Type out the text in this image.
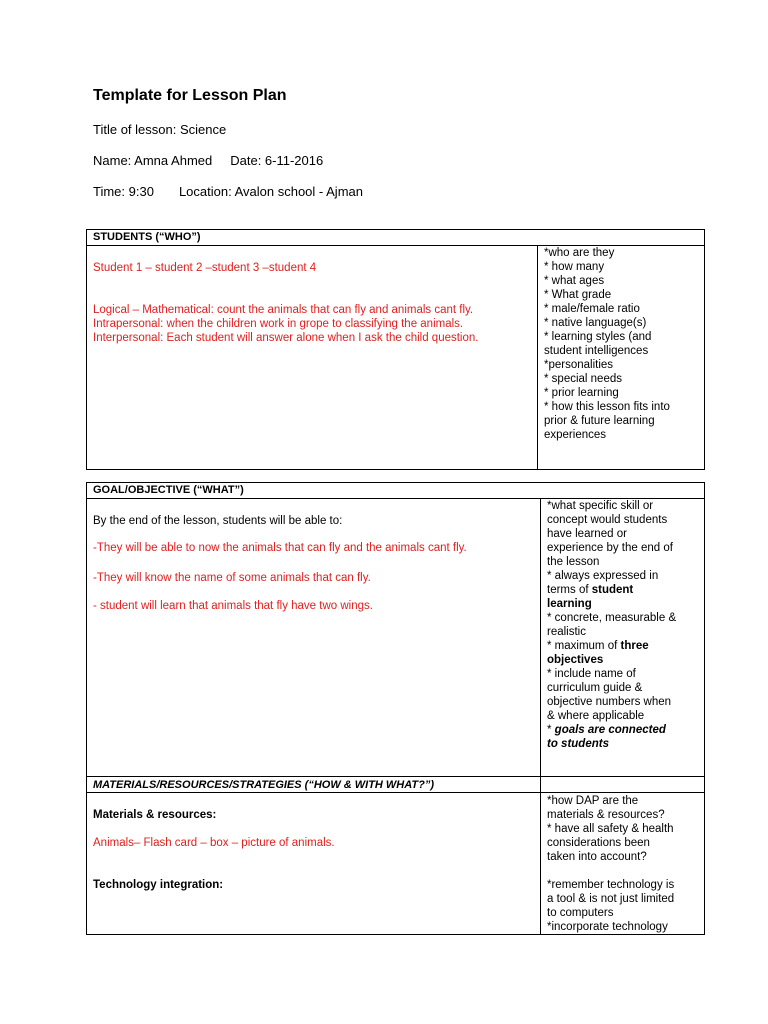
Template for Lesson Plan
Title of lesson: Science
Name: Amna Ahmed Date: 6-11-2016
Time: 9:30 Location: Avalon school - Ajman
STUDENTS (“WHO”)
Student 1 – student 2 –student 3 –student 4
Logical – Mathematical: count the animals that can fly and animals cant fly.
Intrapersonal: when the children work in grope to classifying the animals.
Interpersonal: Each student will answer alone when I ask the child question.
*who are they
* how many
* what ages
* What grade
* male/female ratio
* native language(s)
* learning styles (and
student intelligences
*personalities
* special needs
* prior learning
* how this lesson fits into
prior & future learning
experiences
GOAL/OBJECTIVE (“WHAT”)
MATERIALS/RESOURCES/STRATEGIES (“HOW & WITH WHAT?”)
By the end of the lesson, students will be able to:
-They will be able to now the animals that can fly and the animals cant fly.
-They will know the name of some animals that can fly.
- student will learn that animals that fly have two wings.
*what specific skill or
concept would students
have learned or
experience by the end of
the lesson
* always expressed in
terms of student
learning
* concrete, measurable &
realistic
* maximum of three
objectives
* include name of
curriculum guide &
objective numbers when
& where applicable
* goals are connected
to students
Materials & resources:
Animals– Flash card – box – picture of animals.
Technology integration:
*how DAP are the
materials & resources?
* have all safety & health
considerations been
taken into account?
*remember technology is
a tool & is not just limited
to computers
*incorporate technology
